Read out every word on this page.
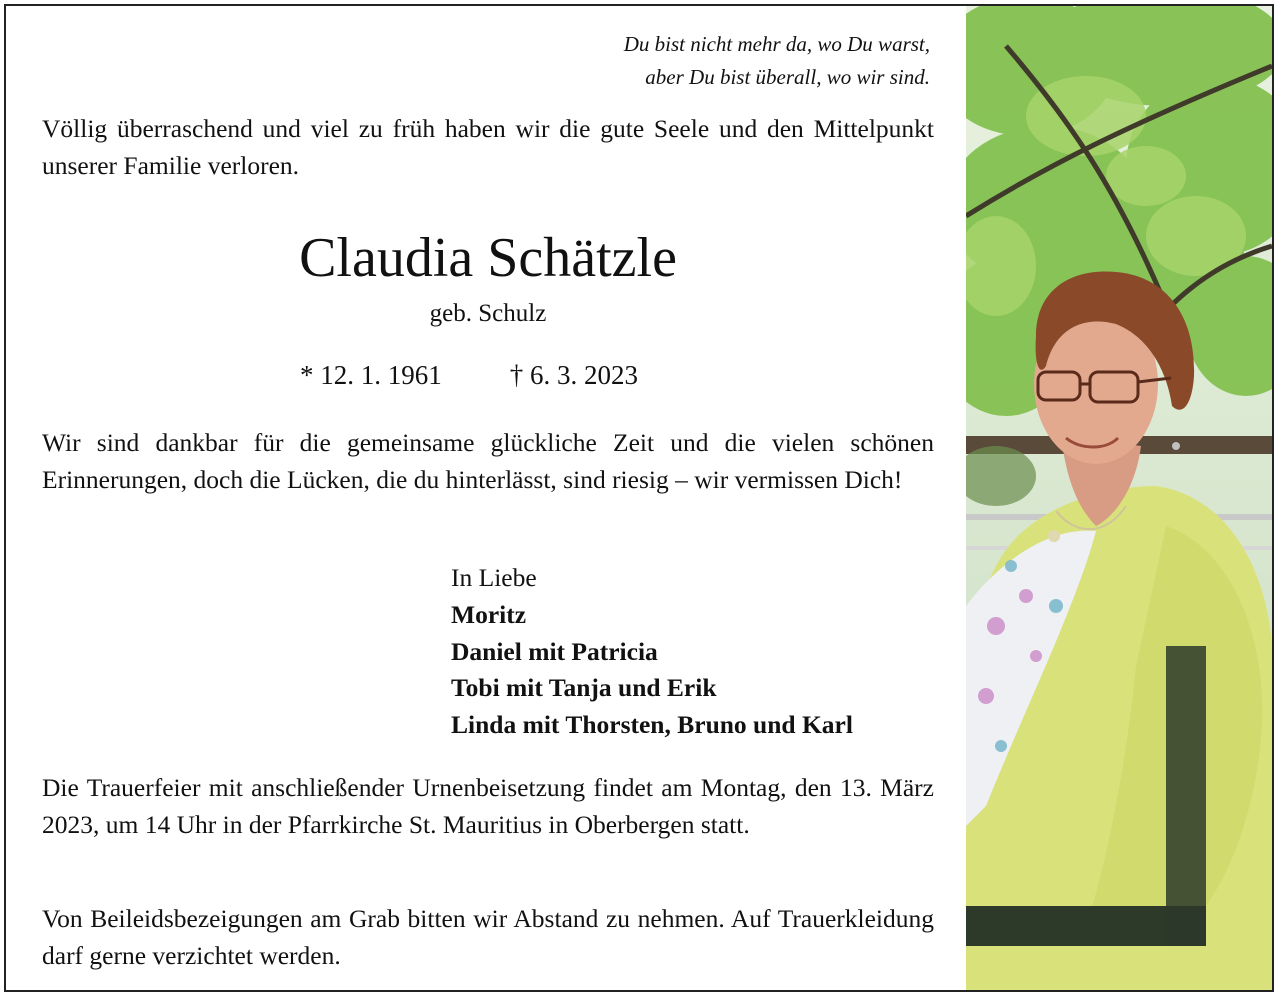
Du bist nicht mehr da, wo Du warst,
aber Du bist überall, wo wir sind.
Völlig überraschend und viel zu früh haben wir die gute Seele und den Mittelpunkt unserer Familie verloren.
Claudia Schätzle
geb. Schulz
* 12. 1. 1961	† 6. 3. 2023
Wir sind dankbar für die gemeinsame glückliche Zeit und die vielen schönen Erinnerungen, doch die Lücken, die du hinterlässt, sind riesig – wir vermissen Dich!
In Liebe
Moritz
Daniel mit Patricia
Tobi mit Tanja und Erik
Linda mit Thorsten, Bruno und Karl
Die Trauerfeier mit anschließender Urnenbeisetzung findet am Montag, den 13. März 2023, um 14 Uhr in der Pfarrkirche St. Mauritius in Oberbergen statt.
Von Beileidsbezeigungen am Grab bitten wir Abstand zu nehmen. Auf Trauerkleidung darf gerne verzichtet werden.
